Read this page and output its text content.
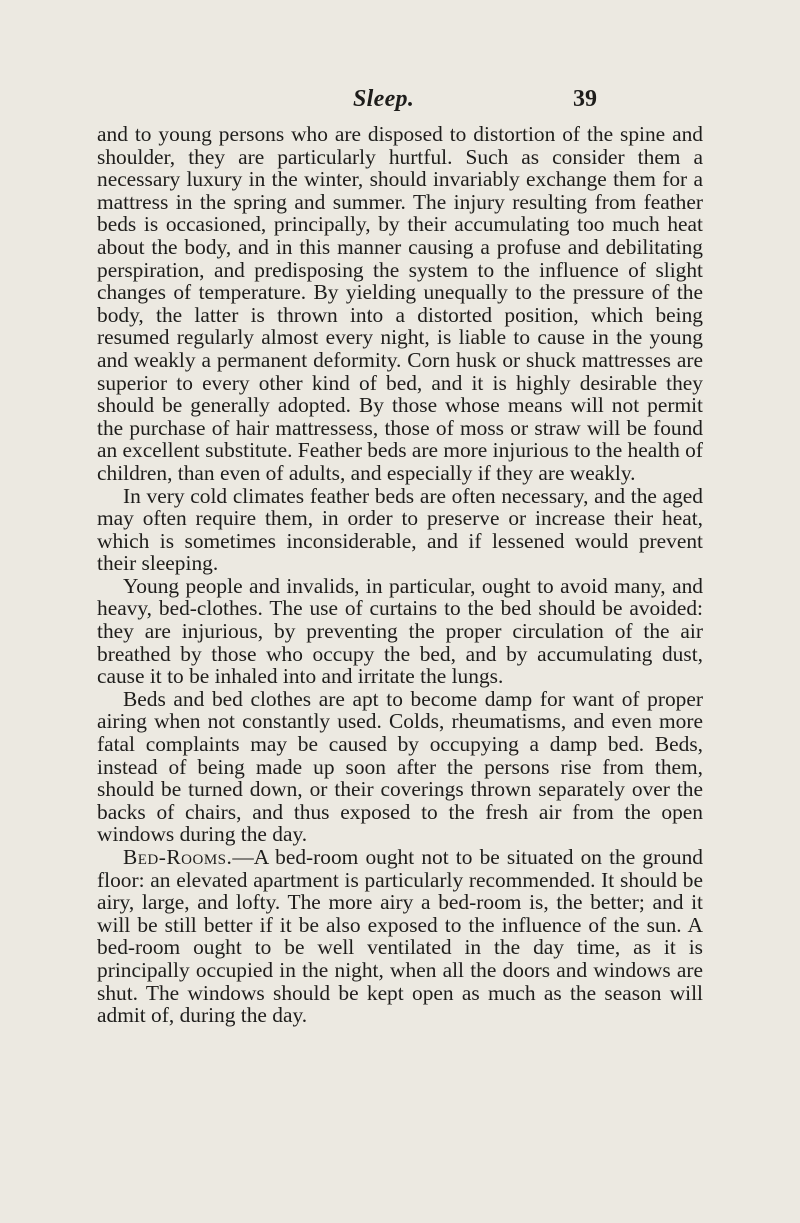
Sleep.	39

and to young persons who are disposed to distortion of the spine and shoulder, they are particularly hurtful. Such as consider them a necessary luxury in the winter, should invariably exchange them for a mattress in the spring and summer. The injury resulting from feather beds is occasioned, principally, by their accumulating too much heat about the body, and in this manner causing a profuse and debilitating perspiration, and predisposing the system to the influence of slight changes of temperature. By yielding unequally to the pressure of the body, the latter is thrown into a distorted position, which being resumed regularly almost every night, is liable to cause in the young and weakly a permanent deformity. Corn husk or shuck mattresses are superior to every other kind of bed, and it is highly desirable they should be generally adopted. By those whose means will not permit the purchase of hair mattressess, those of moss or straw will be found an excellent substitute. Feather beds are more injurious to the health of children, than even of adults, and especially if they are weakly.

In very cold climates feather beds are often necessary, and the aged may often require them, in order to preserve or increase their heat, which is sometimes inconsiderable, and if lessened would prevent their sleeping.

Young people and invalids, in particular, ought to avoid many, and heavy, bed-clothes. The use of curtains to the bed should be avoided: they are injurious, by preventing the proper circulation of the air breathed by those who occupy the bed, and by accumulating dust, cause it to be inhaled into and irritate the lungs.

Beds and bed clothes are apt to become damp for want of proper airing when not constantly used. Colds, rheumatisms, and even more fatal complaints may be caused by occupying a damp bed. Beds, instead of being made up soon after the persons rise from them, should be turned down, or their coverings thrown separately over the backs of chairs, and thus exposed to the fresh air from the open windows during the day.

Bed-Rooms.—A bed-room ought not to be situated on the ground floor: an elevated apartment is particularly recommended. It should be airy, large, and lofty. The more airy a bed-room is, the better; and it will be still better if it be also exposed to the influence of the sun. A bed-room ought to be well ventilated in the day time, as it is principally occupied in the night, when all the doors and windows are shut. The windows should be kept open as much as the season will admit of, during the day.
